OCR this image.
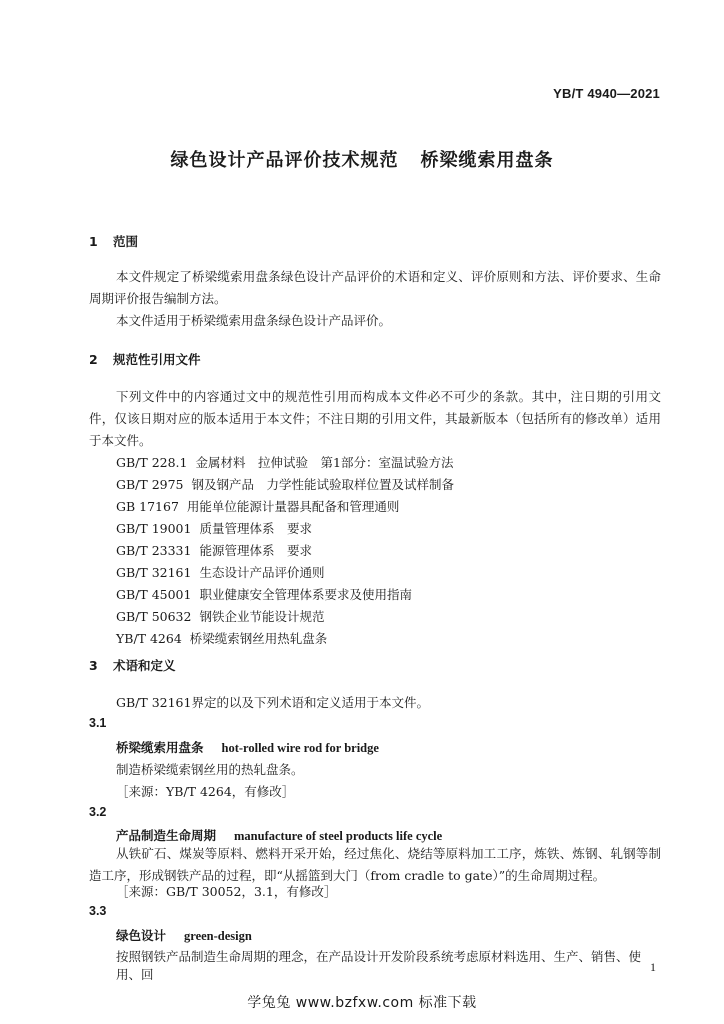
YB/T 4940—2021
绿色设计产品评价技术规范 桥梁缆索用盘条
1 范围
本文件规定了桥梁缆索用盘条绿色设计产品评价的术语和定义、评价原则和方法、评价要求、生命周期评价报告编制方法。
本文件适用于桥梁缆索用盘条绿色设计产品评价。
2 规范性引用文件
下列文件中的内容通过文中的规范性引用而构成本文件必不可少的条款。其中，注日期的引用文件，仅该日期对应的版本适用于本文件；不注日期的引用文件，其最新版本（包括所有的修改单）适用于本文件。
GB/T 228.1 金属材料　拉伸试验　第1部分：室温试验方法
GB/T 2975 钢及钢产品　力学性能试验取样位置及试样制备
GB 17167 用能单位能源计量器具配备和管理通则
GB/T 19001 质量管理体系　要求
GB/T 23331 能源管理体系　要求
GB/T 32161 生态设计产品评价通则
GB/T 45001 职业健康安全管理体系要求及使用指南
GB/T 50632 钢铁企业节能设计规范
YB/T 4264 桥梁缆索钢丝用热轧盘条
3 术语和定义
GB/T 32161界定的以及下列术语和定义适用于本文件。
3.1
桥梁缆索用盘条 hot-rolled wire rod for bridge
制造桥梁缆索钢丝用的热轧盘条。
［来源：YB/T 4264，有修改］
3.2
产品制造生命周期 manufacture of steel products life cycle
从铁矿石、煤炭等原料、燃料开采开始，经过焦化、烧结等原料加工工序，炼铁、炼钢、轧钢等制造工序，形成钢铁产品的过程，即“从摇篮到大门（from cradle to gate）”的生命周期过程。
［来源：GB/T 30052，3.1，有修改］
3.3
绿色设计 green-design
按照钢铁产品制造生命周期的理念，在产品设计开发阶段系统考虑原材料选用、生产、销售、使用、回	1
学兔兔 www.bzfxw.com 标准下载
